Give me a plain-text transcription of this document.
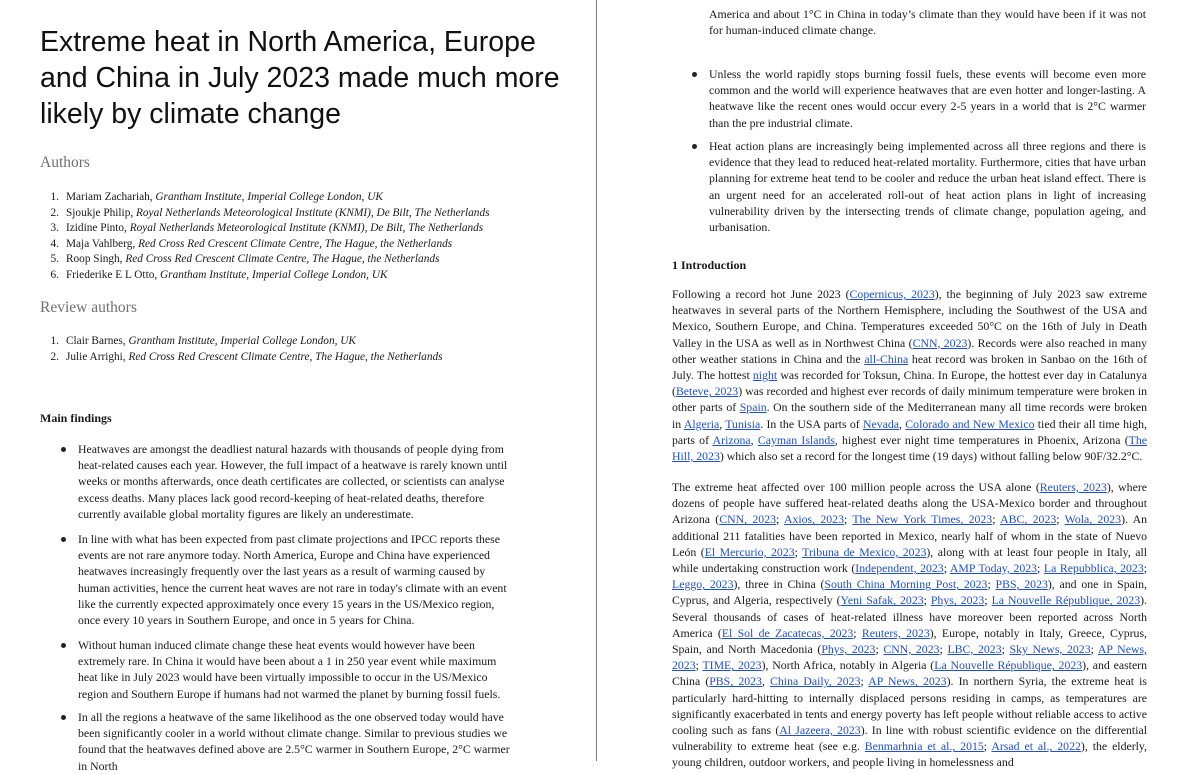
Extreme heat in North America, Europe and China in July 2023 made much more likely by climate change
Authors
1. Mariam Zachariah, Grantham Institute, Imperial College London, UK
2. Sjoukje Philip, Royal Netherlands Meteorological Institute (KNMI), De Bilt, The Netherlands
3. Izidine Pinto, Royal Netherlands Meteorological Institute (KNMI), De Bilt, The Netherlands
4. Maja Vahlberg, Red Cross Red Crescent Climate Centre, The Hague, the Netherlands
5. Roop Singh, Red Cross Red Crescent Climate Centre, The Hague, the Netherlands
6. Friederike E L Otto, Grantham Institute, Imperial College London, UK
Review authors
1. Clair Barnes, Grantham Institute, Imperial College London, UK
2. Julie Arrighi, Red Cross Red Crescent Climate Centre, The Hague, the Netherlands
Main findings

Heatwaves are amongst the deadliest natural hazards with thousands of people dying from heat-related causes each year. However, the full impact of a heatwave is rarely known until weeks or months afterwards, once death certificates are collected, or scientists can analyse excess deaths. Many places lack good record-keeping of heat-related deaths, therefore currently available global mortality figures are likely an underestimate.

In line with what has been expected from past climate projections and IPCC reports these events are not rare anymore today. North America, Europe and China have experienced heatwaves increasingly frequently over the last years as a result of warming caused by human activities, hence the current heat waves are not rare in today's climate with an event like the currently expected approximately once every 15 years in the US/Mexico region, once every 10 years in Southern Europe, and once in 5 years for China.

Without human induced climate change these heat events would however have been extremely rare. In China it would have been about a 1 in 250 year event while maximum heat like in July 2023 would have been virtually impossible to occur in the US/Mexico region and Southern Europe if humans had not warmed the planet by burning fossil fuels.

In all the regions a heatwave of the same likelihood as the one observed today would have been significantly cooler in a world without climate change. Similar to previous studies we found that the heatwaves defined above are 2.5°C warmer in Southern Europe, 2°C warmer in North

America and about 1°C in China in today’s climate than they would have been if it was not for human-induced climate change.

Unless the world rapidly stops burning fossil fuels, these events will become even more common and the world will experience heatwaves that are even hotter and longer-lasting. A heatwave like the recent ones would occur every 2-5 years in a world that is 2°C warmer than the pre industrial climate.

Heat action plans are increasingly being implemented across all three regions and there is evidence that they lead to reduced heat-related mortality. Furthermore, cities that have urban planning for extreme heat tend to be cooler and reduce the urban heat island effect. There is an urgent need for an accelerated roll-out of heat action plans in light of increasing vulnerability driven by the intersecting trends of climate change, population ageing, and urbanisation.

1 Introduction

Following a record hot June 2023 (Copernicus, 2023), the beginning of July 2023 saw extreme heatwaves in several parts of the Northern Hemisphere, including the Southwest of the USA and Mexico, Southern Europe, and China. Temperatures exceeded 50°C on the 16th of July in Death Valley in the USA as well as in Northwest China (CNN, 2023). Records were also reached in many other weather stations in China and the all-China heat record was broken in Sanbao on the 16th of July. The hottest night was recorded for Toksun, China. In Europe, the hottest ever day in Catalunya (Beteve, 2023) was recorded and highest ever records of daily minimum temperature were broken in other parts of Spain. On the southern side of the Mediterranean many all time records were broken in Algeria, Tunisia. In the USA parts of Nevada, Colorado and New Mexico tied their all time high, parts of Arizona, Cayman Islands, highest ever night time temperatures in Phoenix, Arizona (The Hill, 2023) which also set a record for the longest time (19 days) without falling below 90F/32.2°C.

The extreme heat affected over 100 million people across the USA alone (Reuters, 2023), where dozens of people have suffered heat-related deaths along the USA-Mexico border and throughout Arizona (CNN, 2023; Axios, 2023; The New York Times, 2023; ABC, 2023; Wola, 2023). An additional 211 fatalities have been reported in Mexico, nearly half of whom in the state of Nuevo León (El Mercurio, 2023; Tribuna de Mexico, 2023), along with at least four people in Italy, all while undertaking construction work (Independent, 2023; AMP Today, 2023; La Repubblica, 2023; Leggo, 2023), three in China (South China Morning Post, 2023; PBS, 2023), and one in Spain, Cyprus, and Algeria, respectively (Yeni Safak, 2023; Phys, 2023; La Nouvelle République, 2023). Several thousands of cases of heat-related illness have moreover been reported across North America (El Sol de Zacatecas, 2023; Reuters, 2023), Europe, notably in Italy, Greece, Cyprus, Spain, and North Macedonia (Phys, 2023; CNN, 2023; LBC, 2023; Sky News, 2023; AP News, 2023; TIME, 2023), North Africa, notably in Algeria (La Nouvelle République, 2023), and eastern China (PBS, 2023, China Daily, 2023; AP News, 2023). In northern Syria, the extreme heat is particularly hard-hitting to internally displaced persons residing in camps, as temperatures are significantly exacerbated in tents and energy poverty has left people without reliable access to active cooling such as fans (Al Jazeera, 2023). In line with robust scientific evidence on the differential vulnerability to extreme heat (see e.g. Benmarhnia et al., 2015; Arsad et al., 2022), the elderly, young children, outdoor workers, and people living in homelessness and
